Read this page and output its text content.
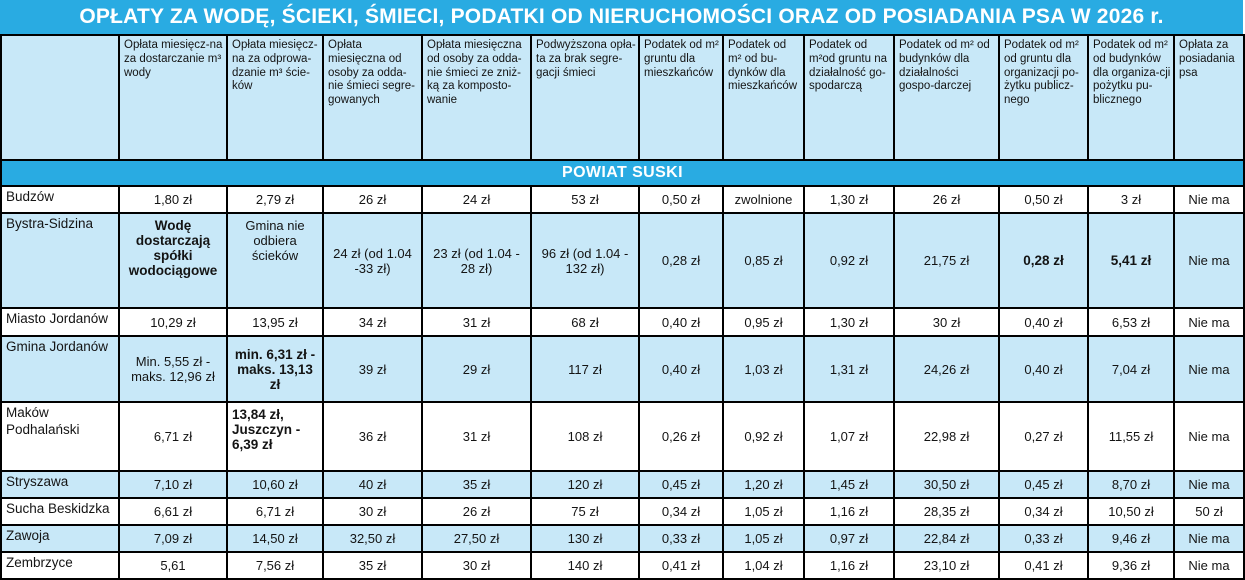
OPŁATY ZA WODĘ, ŚCIEKI, ŚMIECI, PODATKI OD NIERUCHOMOŚCI ORAZ OD POSIADANIA PSA W 2026 r.
	Opłata miesięcz-na za dostarczanie m³ wody	Opłata miesięcz-na za odprowa-dzanie m³ ście-ków	Opłata miesięczna od osoby za odda-nie śmieci segre-gowanych	Opłata miesięczna od osoby za odda-nie śmieci ze zniż-ką za komposto-wanie	Podwyższona opła-ta za brak segre-gacji śmieci	Podatek od m² gruntu dla mieszkańców	Podatek od m² od bu-dynków dla mieszkańców	Podatek od m²od gruntu na działalność go-spodarczą	Podatek od m² od budynków dla działalności gospo-darczej	Podatek od m² od gruntu dla organizacji po-żytku publicz-nego	Podatek od m² od budynków dla organiza-cji pożytku pu-blicznego	Opłata za posiadania psa
POWIAT SUSKI												
Budzów	1,80 zł	2,79 zł	26 zł	24 zł	53 zł	0,50 zł	zwolnione	1,30 zł	26 zł	0,50 zł	3 zł	Nie ma
Bystra-Sidzina	Wodę dostarczają spółki wodociągowe	Gmina nie odbiera ścieków	24 zł (od 1.04 -33 zł)	23 zł (od 1.04 - 28 zł)	96 zł (od 1.04 - 132 zł)	0,28 zł	0,85 zł	0,92 zł	21,75 zł	0,28 zł	5,41 zł	Nie ma
Miasto Jordanów	10,29 zł	13,95 zł	34 zł	31 zł	68 zł	0,40 zł	0,95 zł	1,30 zł	30 zł	0,40 zł	6,53 zł	Nie ma
Gmina Jordanów	Min. 5,55 zł - maks. 12,96 zł	min. 6,31 zł - maks. 13,13 zł	39 zł	29 zł	117 zł	0,40 zł	1,03 zł	1,31 zł	24,26 zł	0,40 zł	7,04 zł	Nie ma
Maków Podhalański	6,71 zł	13,84 zł, Juszczyn - 6,39 zł	36 zł	31 zł	108 zł	0,26 zł	0,92 zł	1,07 zł	22,98 zł	0,27 zł	11,55 zł	Nie ma
Stryszawa	7,10 zł	10,60 zł	40 zł	35 zł	120 zł	0,45 zł	1,20 zł	1,45 zł	30,50 zł	0,45 zł	8,70 zł	Nie ma
Sucha Beskidzka	6,61 zł	6,71 zł	30 zł	26 zł	75 zł	0,34 zł	1,05 zł	1,16 zł	28,35 zł	0,34 zł	10,50 zł	50 zł
Zawoja	7,09 zł	14,50 zł	32,50 zł	27,50 zł	130 zł	0,33 zł	1,05 zł	0,97 zł	22,84 zł	0,33 zł	9,46 zł	Nie ma
Zembrzyce	5,61	7,56 zł	35 zł	30 zł	140 zł	0,41 zł	1,04 zł	1,16 zł	23,10 zł	0,41 zł	9,36 zł	Nie ma
